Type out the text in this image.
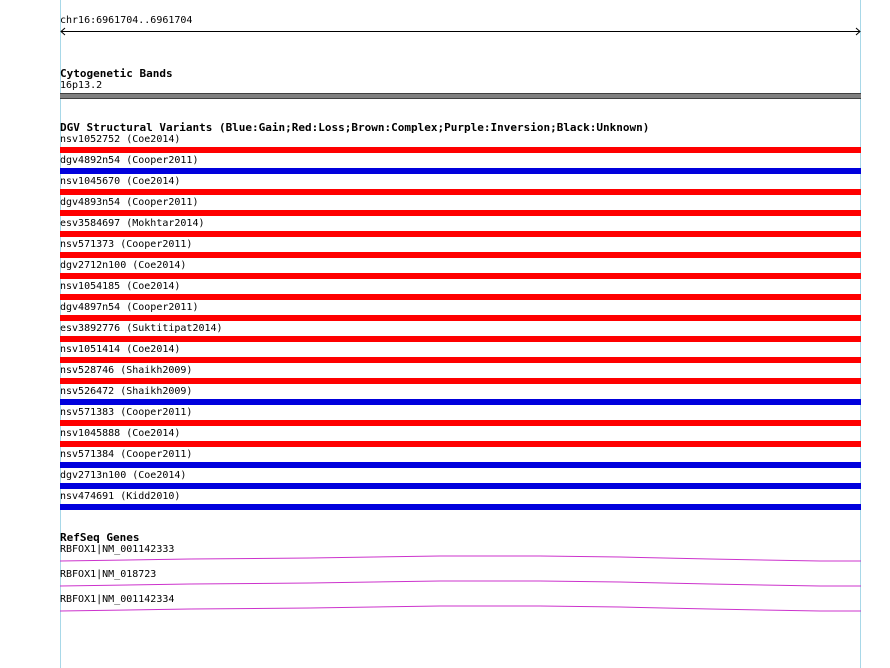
chr16:6961704..6961704
Cytogenetic Bands
16p13.2
DGV Structural Variants (Blue:Gain;Red:Loss;Brown:Complex;Purple:Inversion;Black:Unknown)
nsv1052752 (Coe2014)
dgv4892n54 (Cooper2011)
nsv1045670 (Coe2014)
dgv4893n54 (Cooper2011)
esv3584697 (Mokhtar2014)
nsv571373 (Cooper2011)
dgv2712n100 (Coe2014)
nsv1054185 (Coe2014)
dgv4897n54 (Cooper2011)
esv3892776 (Suktitipat2014)
nsv1051414 (Coe2014)
nsv528746 (Shaikh2009)
nsv526472 (Shaikh2009)
nsv571383 (Cooper2011)
nsv1045888 (Coe2014)
nsv571384 (Cooper2011)
dgv2713n100 (Coe2014)
nsv474691 (Kidd2010)
RefSeq Genes
RBFOX1|NM_001142333
RBFOX1|NM_018723
RBFOX1|NM_001142334
